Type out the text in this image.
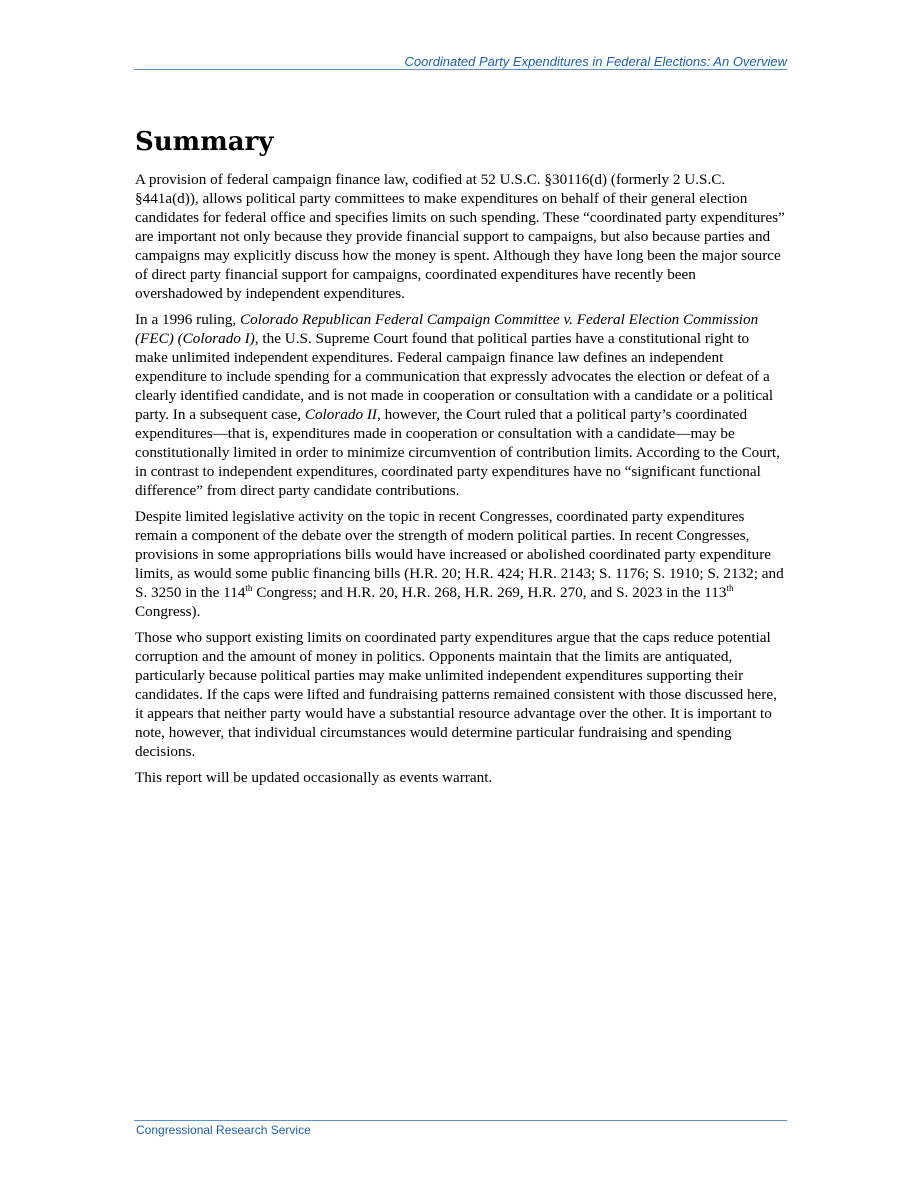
Coordinated Party Expenditures in Federal Elections: An Overview
Summary

A provision of federal campaign finance law, codified at 52 U.S.C. §30116(d) (formerly 2 U.S.C. §441a(d)), allows political party committees to make expenditures on behalf of their general election candidates for federal office and specifies limits on such spending. These “coordinated party expenditures” are important not only because they provide financial support to campaigns, but also because parties and campaigns may explicitly discuss how the money is spent. Although they have long been the major source of direct party financial support for campaigns, coordinated expenditures have recently been overshadowed by independent expenditures.

In a 1996 ruling, Colorado Republican Federal Campaign Committee v. Federal Election Commission (FEC) (Colorado I), the U.S. Supreme Court found that political parties have a constitutional right to make unlimited independent expenditures. Federal campaign finance law defines an independent expenditure to include spending for a communication that expressly advocates the election or defeat of a clearly identified candidate, and is not made in cooperation or consultation with a candidate or a political party. In a subsequent case, Colorado II, however, the Court ruled that a political party’s coordinated expenditures—that is, expenditures made in cooperation or consultation with a candidate—may be constitutionally limited in order to minimize circumvention of contribution limits. According to the Court, in contrast to independent expenditures, coordinated party expenditures have no “significant functional difference” from direct party candidate contributions.

Despite limited legislative activity on the topic in recent Congresses, coordinated party expenditures remain a component of the debate over the strength of modern political parties. In recent Congresses, provisions in some appropriations bills would have increased or abolished coordinated party expenditure limits, as would some public financing bills (H.R. 20; H.R. 424; H.R. 2143; S. 1176; S. 1910; S. 2132; and S. 3250 in the 114th Congress; and H.R. 20, H.R. 268, H.R. 269, H.R. 270, and S. 2023 in the 113th Congress).

Those who support existing limits on coordinated party expenditures argue that the caps reduce potential corruption and the amount of money in politics. Opponents maintain that the limits are antiquated, particularly because political parties may make unlimited independent expenditures supporting their candidates. If the caps were lifted and fundraising patterns remained consistent with those discussed here, it appears that neither party would have a substantial resource advantage over the other. It is important to note, however, that individual circumstances would determine particular fundraising and spending decisions.

This report will be updated occasionally as events warrant.

Congressional Research Service
